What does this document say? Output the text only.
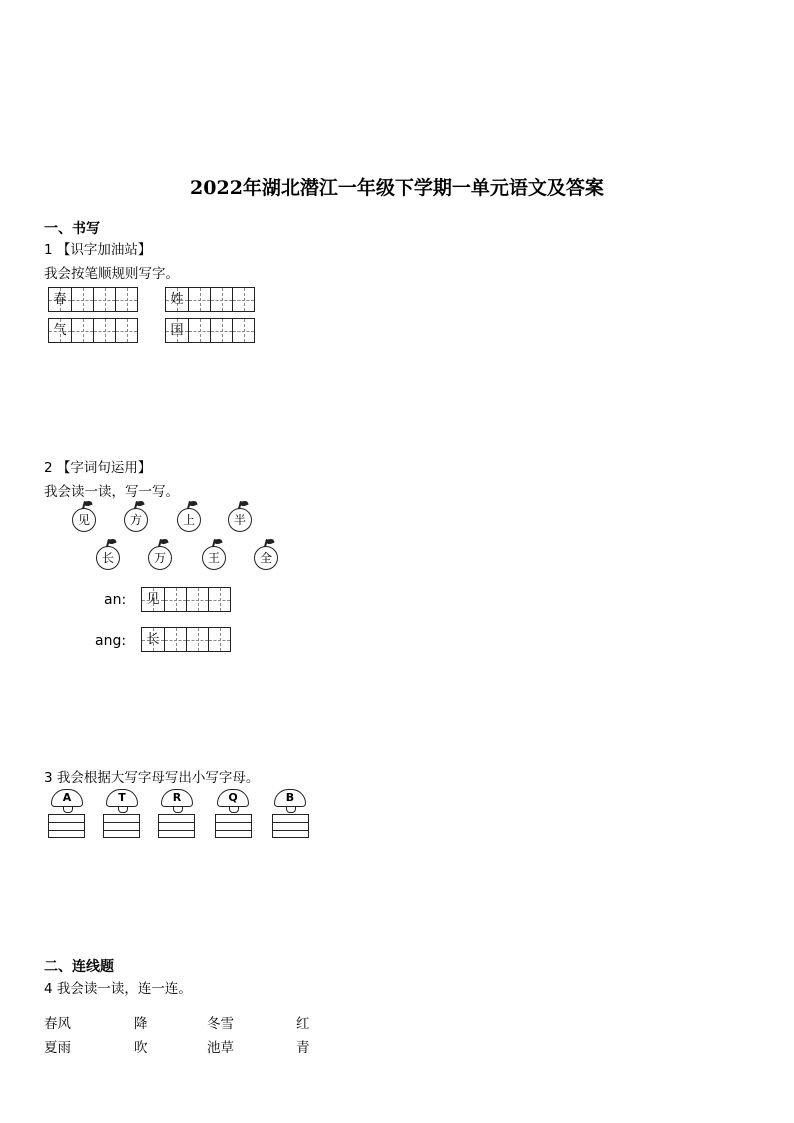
2022年湖北潜江一年级下学期一单元语文及答案
一、书写
1 【识字加油站】
我会按笔顺规则写字。
春	姓
气	国
2 【字词句运用】
我会读一读，写一写。
见	方	上	半
长	万	王	全
an:	见
ang:	长
3 我会根据大写字母写出小写字母。
A	T	R	Q	B
二、连线题
4 我会读一读，连一连。
春风	降	冬雪	红
夏雨	吹	池草	青
